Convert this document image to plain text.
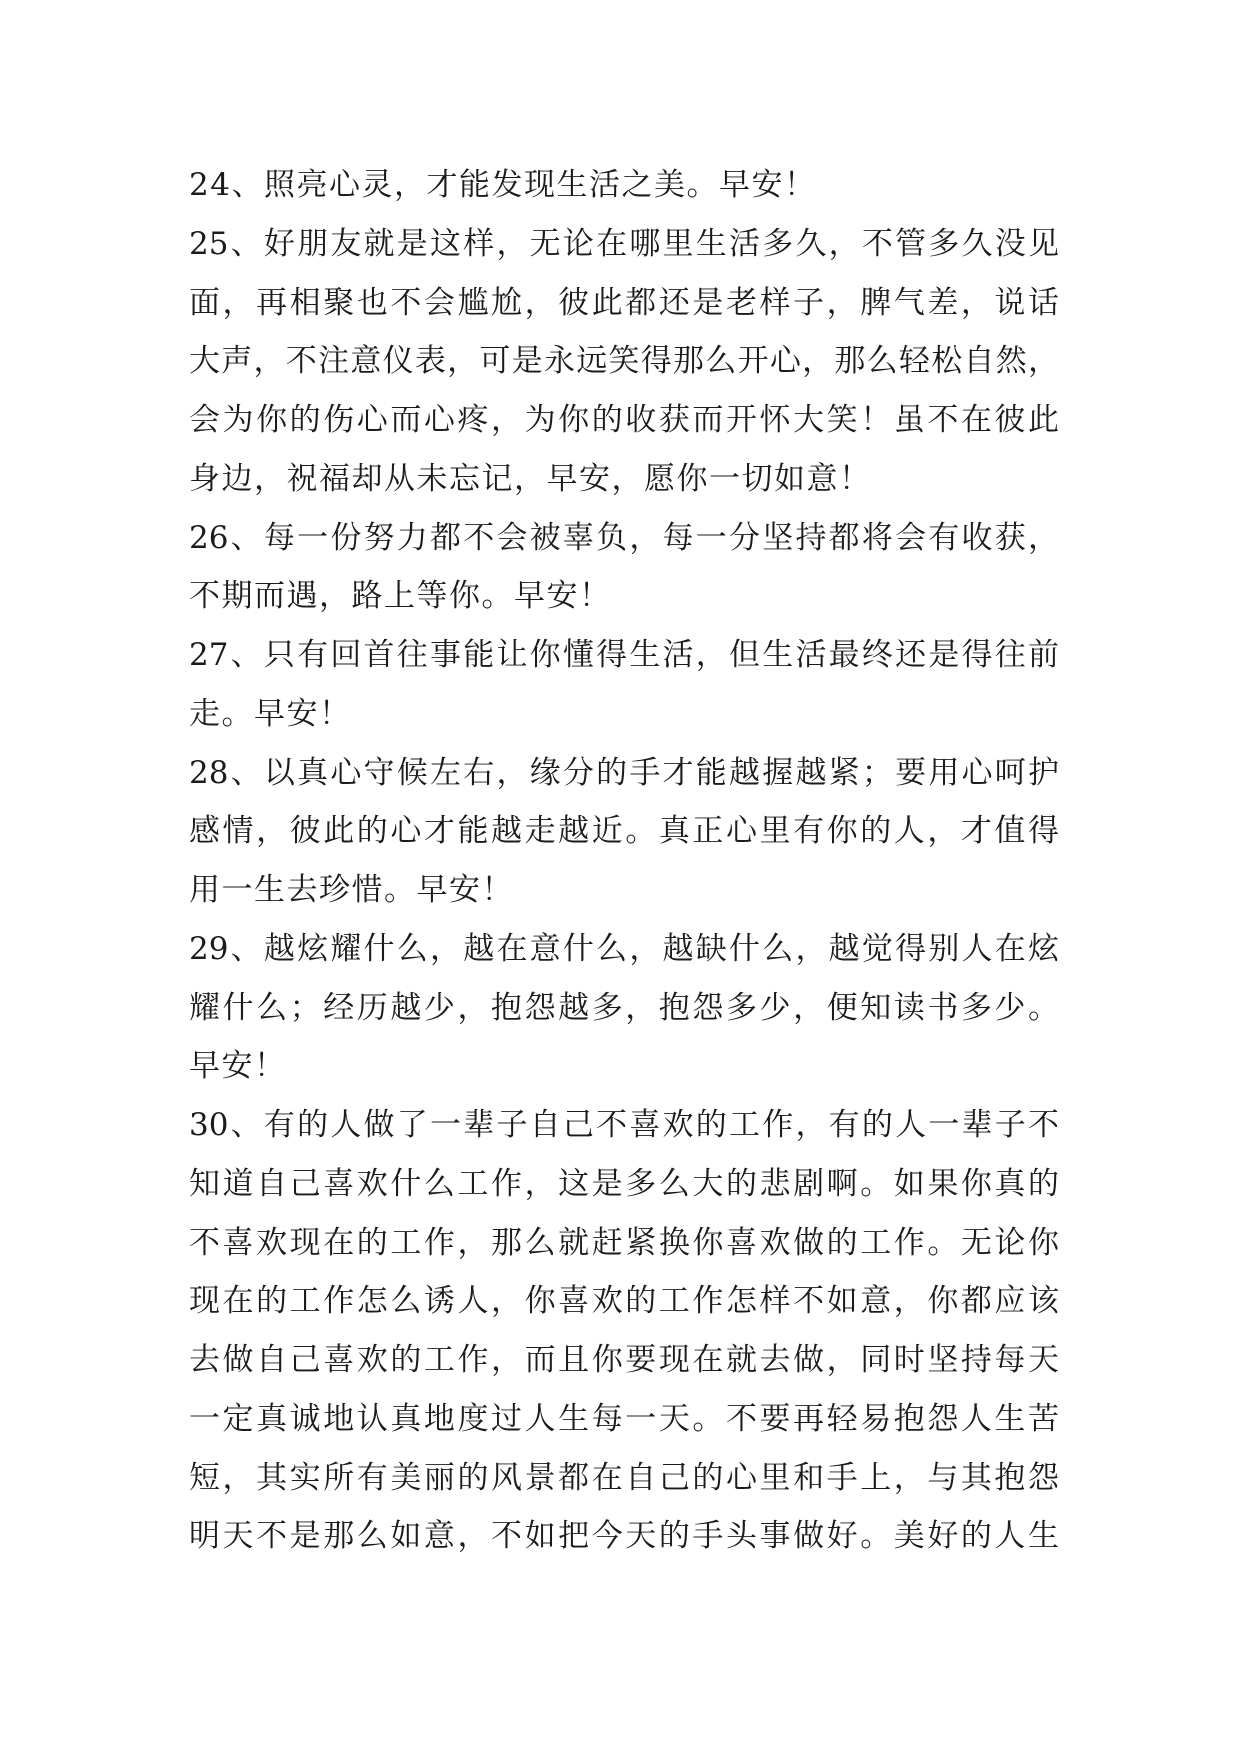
24、照亮心灵，才能发现生活之美。早安！
25、好朋友就是这样，无论在哪里生活多久，不管多久没见
面，再相聚也不会尴尬，彼此都还是老样子，脾气差，说话
大声，不注意仪表，可是永远笑得那么开心，那么轻松自然，
会为你的伤心而心疼，为你的收获而开怀大笑！虽不在彼此
身边，祝福却从未忘记，早安，愿你一切如意！
26、每一份努力都不会被辜负，每一分坚持都将会有收获，
不期而遇，路上等你。早安！
27、只有回首往事能让你懂得生活，但生活最终还是得往前
走。早安！
28、以真心守候左右，缘分的手才能越握越紧；要用心呵护
感情，彼此的心才能越走越近。真正心里有你的人，才值得
用一生去珍惜。早安！
29、越炫耀什么，越在意什么，越缺什么，越觉得别人在炫
耀什么；经历越少，抱怨越多，抱怨多少，便知读书多少。
早安！
30、有的人做了一辈子自己不喜欢的工作，有的人一辈子不
知道自己喜欢什么工作，这是多么大的悲剧啊。如果你真的
不喜欢现在的工作，那么就赶紧换你喜欢做的工作。无论你
现在的工作怎么诱人，你喜欢的工作怎样不如意，你都应该
去做自己喜欢的工作，而且你要现在就去做，同时坚持每天
一定真诚地认真地度过人生每一天。不要再轻易抱怨人生苦
短，其实所有美丽的风景都在自己的心里和手上，与其抱怨
明天不是那么如意，不如把今天的手头事做好。美好的人生
